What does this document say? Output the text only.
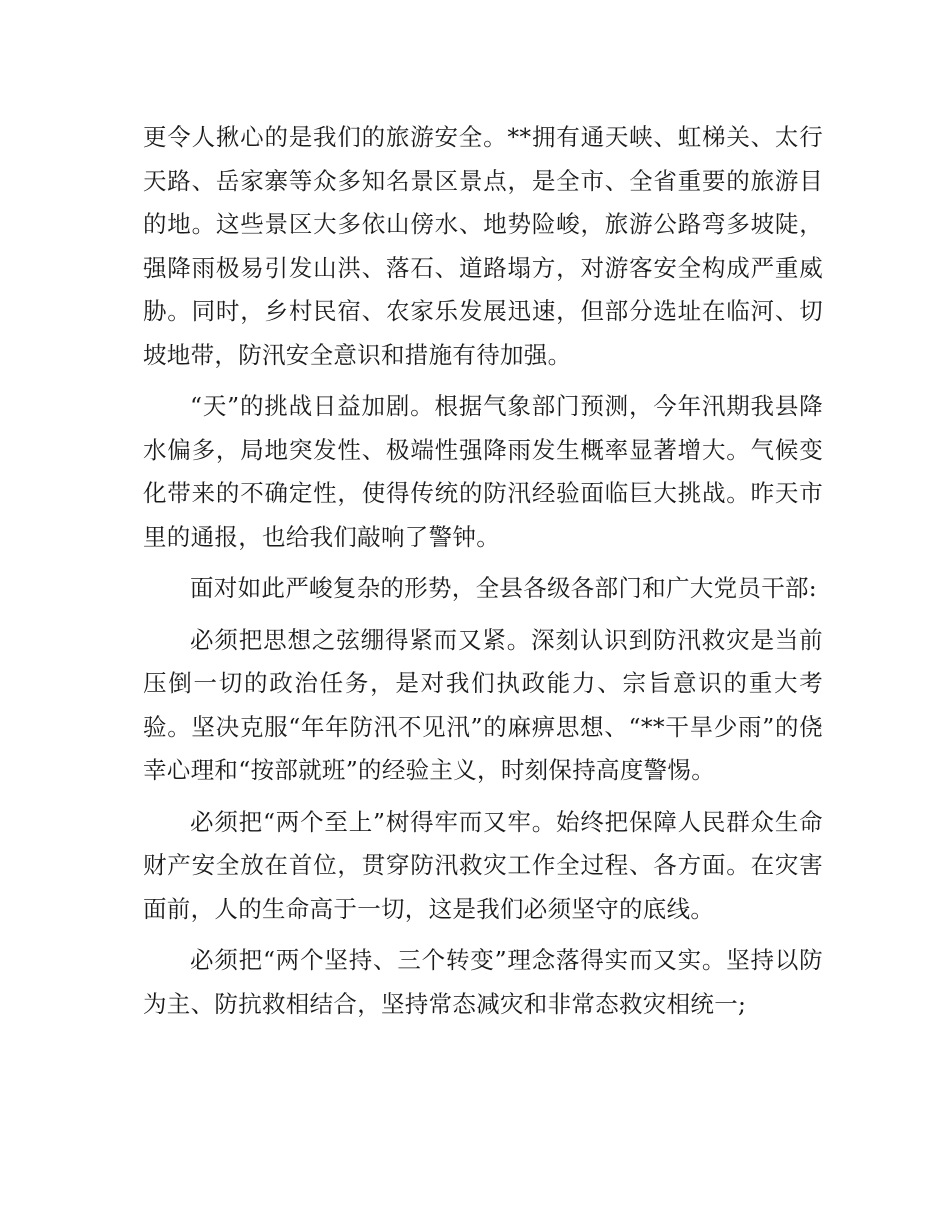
更令人揪心的是我们的旅游安全。**拥有通天峡、虹梯关、太行天路、岳家寨等众多知名景区景点，是全市、全省重要的旅游目的地。这些景区大多依山傍水、地势险峻，旅游公路弯多坡陡，强降雨极易引发山洪、落石、道路塌方，对游客安全构成严重威胁。同时，乡村民宿、农家乐发展迅速，但部分选址在临河、切坡地带，防汛安全意识和措施有待加强。

“天”的挑战日益加剧。根据气象部门预测，今年汛期我县降水偏多，局地突发性、极端性强降雨发生概率显著增大。气候变化带来的不确定性，使得传统的防汛经验面临巨大挑战。昨天市里的通报，也给我们敲响了警钟。

面对如此严峻复杂的形势，全县各级各部门和广大党员干部:

必须把思想之弦绷得紧而又紧。深刻认识到防汛救灾是当前压倒一切的政治任务，是对我们执政能力、宗旨意识的重大考验。坚决克服“年年防汛不见汛”的麻痹思想、“**干旱少雨”的侥幸心理和“按部就班”的经验主义，时刻保持高度警惕。

必须把“两个至上”树得牢而又牢。始终把保障人民群众生命财产安全放在首位，贯穿防汛救灾工作全过程、各方面。在灾害面前，人的生命高于一切，这是我们必须坚守的底线。

必须把“两个坚持、三个转变”理念落得实而又实。坚持以防为主、防抗救相结合，坚持常态减灾和非常态救灾相统一;
